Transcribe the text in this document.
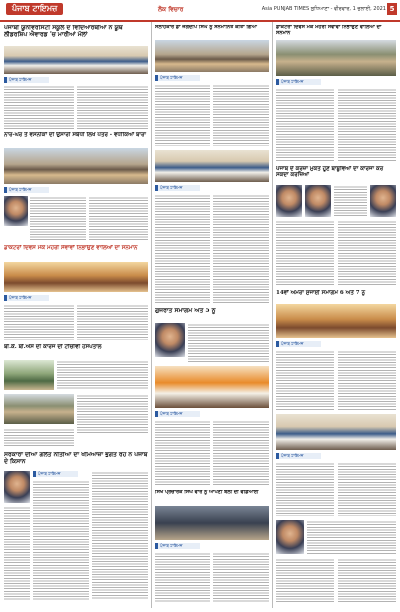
ਪੰਜਾਬ ਟਾਇਮਜ਼	ਲੋਕ ਵਿਚਾਰ	Asia PUNJAB TIMES ਲੁਧਿਆਣਾ - ਵੀਰਵਾਰ, 1 ਜੁਲਾਈ, 2021 5
ਪੰਜਾਬੀ ਯੂਨੀਵਰਸਿਟੀ ਸਕੂਲ ਦੇ ਵਿਦਿਆਰਥੀਆਂ ਨੇ ਯੂਥ ਲੀਡਰਸ਼ਿਪ ਐਵਾਰਡ ’ਚ ਮਾਰੀਆਂ ਮੱਲਾਂ
ਪੰਜਾਬ ਟਾਇਮਜ਼
ਨਾਰ-ਘਰ ਤੇ ਵਸਨੀਕਾਂ ਦੀ ਉਸਾਰੀ ਸਬੰਧੀ ਲਿਖੇ ਪੱਤਰ - ਵਧੀਕਿਆਂ ਬਾਰਾ
ਪੰਜਾਬ ਟਾਇਮਜ਼
ਡਾਕਟਰਾਂ ਦਿਵਸ ਮੌਕੇ ਮੋਹਰੀ ਸੇਵਾਵਾਂ ਨਿਭਾਉਣ ਵਾਲਿਆਂ ਦਾ ਸਨਮਾਨ
ਪੰਜਾਬ ਟਾਇਮਜ਼
ਬੀ.ਕੇ. ਬੀ.ਐਸ ਦੀ ਕਾਰਜ ਦੀ ਟੀਚੀਵੀ ਹਸਪਤਾਲ
ਸਰਕਾਰਾਂ ਦੀਆਂ ਗਲਤ ਨੀਤੀਆਂ ਦਾ ਖਮਿਆਜ਼ਾ ਭੁਗਤ ਰਹੇ ਨੇ ਪੰਜਾਬ ਦੇ ਕਿਸਾਨ
ਪੰਜਾਬ ਟਾਇਮਜ਼
ਸਲਾਹਕਾਰ ਡਾ ਜਗਦੀਪ ਸਿੰਘ ਨੂੰ ਸਨਮਾਨਿਤ ਕੀਤਾ ਗਿਆ
ਪੰਜਾਬ ਟਾਇਮਜ਼
ਪੰਜਾਬ ਟਾਇਮਜ਼
ਗੁਜਰਾਤ ਸਮਾਗਮ ਅੱਤੇ 5 ਨੂੰ
ਪੰਜਾਬ ਟਾਇਮਜ਼
ਸਿੱਖ ਪ੍ਰਚਾਰਕ ਸਿੰਘ ਵਾਰ ਨੂੰ ਆਪਣੀ ਬੋਲੀ ਦੀ ਵਡਿਆਈ
ਪੰਜਾਬ ਟਾਇਮਜ਼
ਡਾਕਟਰਾਂ ਦਿਵਸ ਮੌਕੇ ਮੋਹਰੀ ਸੇਵਾਵਾਂ ਨਿਭਾਉਣ ਵਾਲਿਆਂ ਦਾ ਸਨਮਾਨ
ਪੰਜਾਬ ਟਾਇਮਜ਼
ਪੰਜਾਬ ਦੇ ਕਰਜ਼ਾ ਮੁਕਤ ਹੂਣ ਬਾਬੂਵਿਆਂ ਦਾ ਕਾਰਜਾ ਕਰ ਸਕਦਾ ਕਰਜ਼ਿਆਂ
14ਵਾਂ ਅਮਰਾ ਸੁਜਾਈ ਸਮਾਗਮ 6 ਅਤੇ 7 ਨੂੰ
ਪੰਜਾਬ ਟਾਇਮਜ਼
ਪੰਜਾਬ ਟਾਇਮਜ਼
